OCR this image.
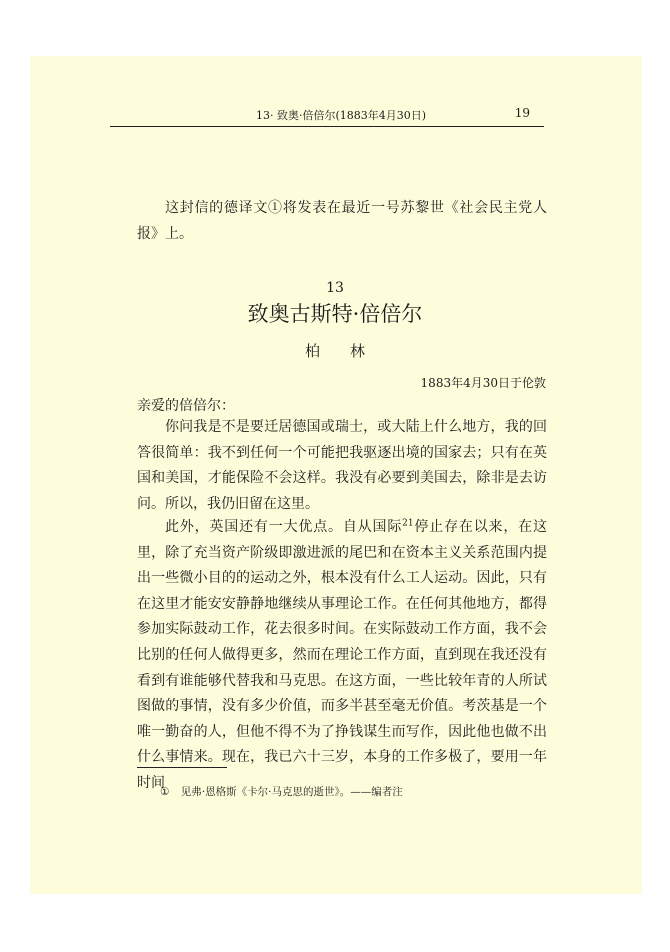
13· 致奥·倍倍尔(1883年4月30日)	19

这封信的德译文①将发表在最近一号苏黎世《社会民主党人报》上。

13
致奥古斯特·倍倍尔
柏林
1883年4月30日于伦敦
亲爱的倍倍尔：

你问我是不是要迁居德国或瑞士，或大陆上什么地方，我的回答很简单：我不到任何一个可能把我驱逐出境的国家去；只有在英国和美国，才能保险不会这样。我没有必要到美国去，除非是去访问。所以，我仍旧留在这里。

此外，英国还有一大优点。自从国际$^{21}$停止存在以来，在这里，除了充当资产阶级即激进派的尾巴和在资本主义关系范围内提出一些微小目的的运动之外，根本没有什么工人运动。因此，只有在这里才能安安静静地继续从事理论工作。在任何其他地方，都得参加实际鼓动工作，花去很多时间。在实际鼓动工作方面，我不会比别的任何人做得更多，然而在理论工作方面，直到现在我还没有看到有谁能够代替我和马克思。在这方面，一些比较年青的人所试图做的事情，没有多少价值，而多半甚至毫无价值。考茨基是一个唯一勤奋的人，但他不得不为了挣钱谋生而写作，因此他也做不出什么事情来。现在，我已六十三岁，本身的工作多极了，要用一年时间

① 见弗·恩格斯《卡尔·马克思的逝世》。——编者注
